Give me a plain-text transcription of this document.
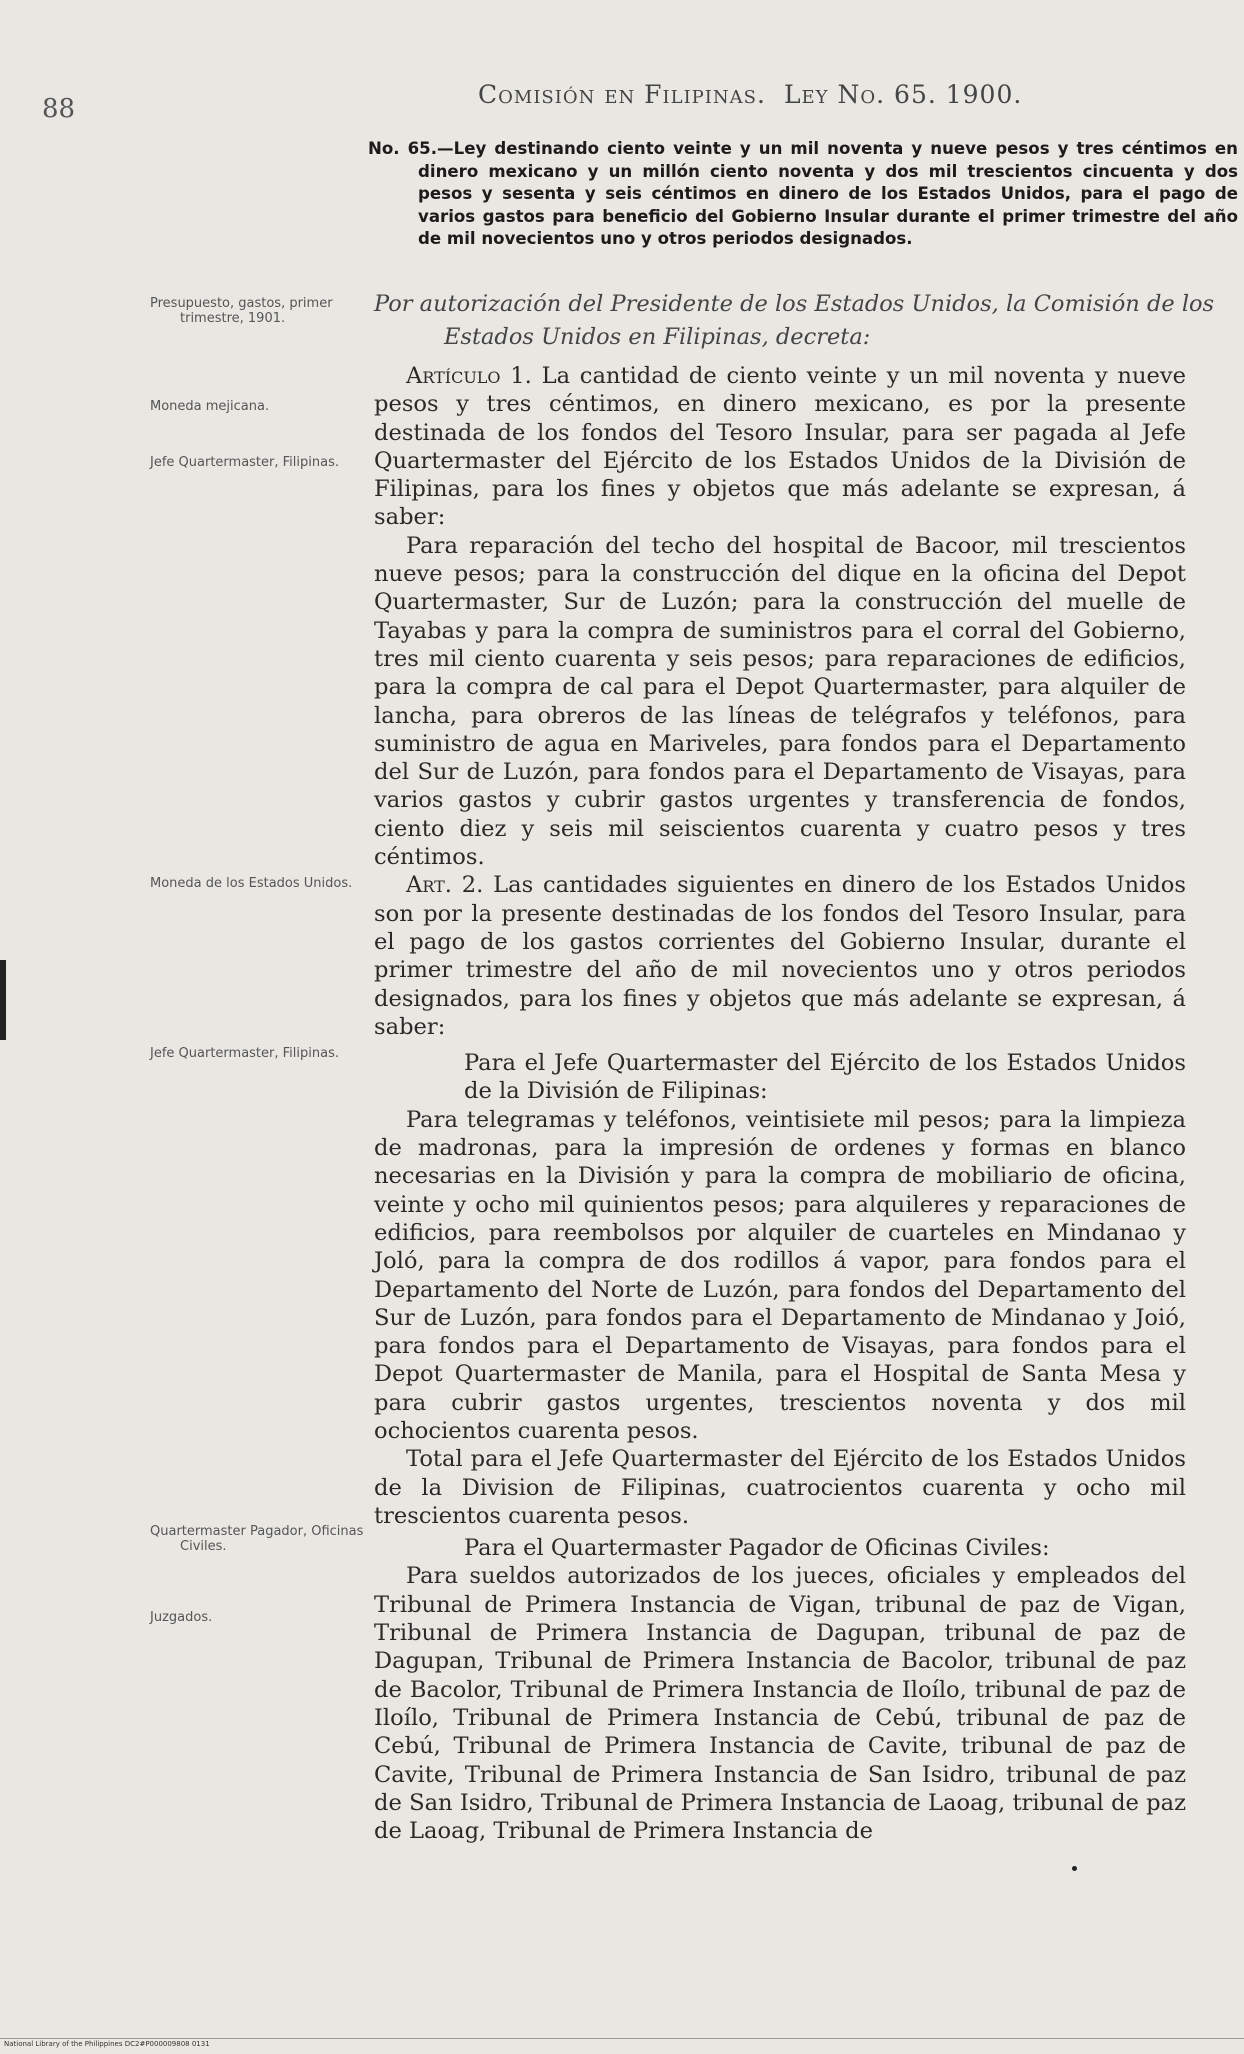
88	Comisión en Filipinas. Ley No. 65. 1900.
No. 65.—Ley destinando ciento veinte y un mil noventa y nueve pesos y tres céntimos en dinero mexicano y un millón ciento noventa y dos mil trescientos cincuenta y dos pesos y sesenta y seis céntimos en dinero de los Estados Unidos, para el pago de varios gastos para beneficio del Gobierno Insular durante el primer trimestre del año de mil novecientos uno y otros periodos designados.
Presupuesto, gastos, primer trimestre, 1901.
Moneda mejicana.
Jefe Quartermaster, Filipinas.
Moneda de los Estados Unidos.
Jefe Quartermaster, Filipinas.
Quartermaster Pagador, Oficinas Civiles.
Juzgados.
Por autorización del Presidente de los Estados Unidos, la Comisión de los Estados Unidos en Filipinas, decreta:

Artículo 1. La cantidad de ciento veinte y un mil noventa y nueve pesos y tres céntimos, en dinero mexicano, es por la presente destinada de los fondos del Tesoro Insular, para ser pagada al Jefe Quartermaster del Ejército de los Estados Unidos de la División de Filipinas, para los fines y objetos que más adelante se expresan, á saber:

Para reparación del techo del hospital de Bacoor, mil trescientos nueve pesos; para la construcción del dique en la oficina del Depot Quartermaster, Sur de Luzón; para la construcción del muelle de Tayabas y para la compra de suministros para el corral del Gobierno, tres mil ciento cuarenta y seis pesos; para reparaciones de edificios, para la compra de cal para el Depot Quartermaster, para alquiler de lancha, para obreros de las líneas de telégrafos y teléfonos, para suministro de agua en Mariveles, para fondos para el Departamento del Sur de Luzón, para fondos para el Departamento de Visayas, para varios gastos y cubrir gastos urgentes y transferencia de fondos, ciento diez y seis mil seiscientos cuarenta y cuatro pesos y tres céntimos.

Art. 2. Las cantidades siguientes en dinero de los Estados Unidos son por la presente destinadas de los fondos del Tesoro Insular, para el pago de los gastos corrientes del Gobierno Insular, durante el primer trimestre del año de mil novecientos uno y otros periodos designados, para los fines y objetos que más adelante se expresan, á saber:

Para el Jefe Quartermaster del Ejército de los Estados Unidos de la División de Filipinas:

Para telegramas y teléfonos, veintisiete mil pesos; para la limpieza de madronas, para la impresión de ordenes y formas en blanco necesarias en la División y para la compra de mobiliario de oficina, veinte y ocho mil quinientos pesos; para alquileres y reparaciones de edificios, para reembolsos por alquiler de cuarteles en Mindanao y Joló, para la compra de dos rodillos á vapor, para fondos para el Departamento del Norte de Luzón, para fondos del Departamento del Sur de Luzón, para fondos para el Departamento de Mindanao y Joió, para fondos para el Departamento de Visayas, para fondos para el Depot Quartermaster de Manila, para el Hospital de Santa Mesa y para cubrir gastos urgentes, trescientos noventa y dos mil ochocientos cuarenta pesos.

Total para el Jefe Quartermaster del Ejército de los Estados Unidos de la Division de Filipinas, cuatrocientos cuarenta y ocho mil trescientos cuarenta pesos.

Para el Quartermaster Pagador de Oficinas Civiles:

Para sueldos autorizados de los jueces, oficiales y empleados del Tribunal de Primera Instancia de Vigan, tribunal de paz de Vigan, Tribunal de Primera Instancia de Dagupan, tribunal de paz de Dagupan, Tribunal de Primera Instancia de Bacolor, tribunal de paz de Bacolor, Tribunal de Primera Instancia de Iloílo, tribunal de paz de Iloílo, Tribunal de Primera Instancia de Cebú, tribunal de paz de Cebú, Tribunal de Primera Instancia de Cavite, tribunal de paz de Cavite, Tribunal de Primera Instancia de San Isidro, tribunal de paz de San Isidro, Tribunal de Primera Instancia de Laoag, tribunal de paz de Laoag, Tribunal de Primera Instancia de

National Library of the Philippines DC2#P000009808 0131
